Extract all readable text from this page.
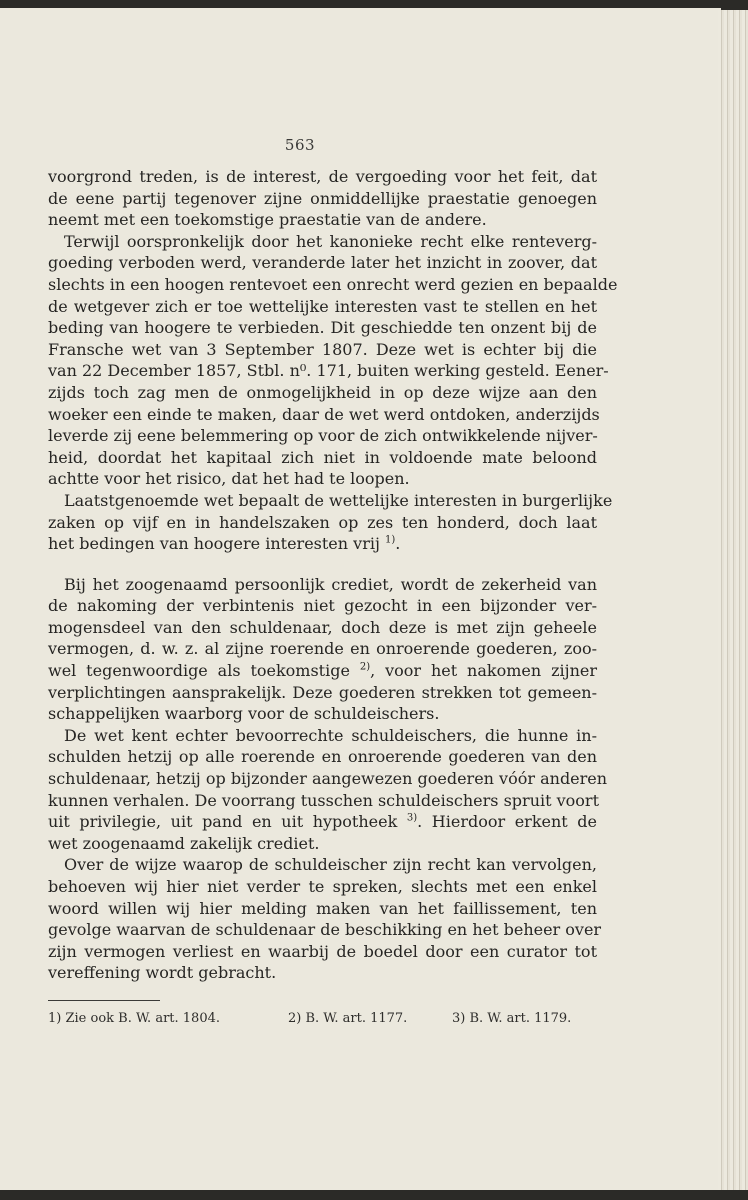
563
voorgrond treden, is de interest, de vergoeding voor het feit, dat
de eene partij tegenover zijne onmiddellijke praestatie genoegen
neemt met een toekomstige praestatie van de andere.
Terwijl oorspronkelijk door het kanonieke recht elke renteverg-
goeding verboden werd, veranderde later het inzicht in zoover, dat
slechts in een hoogen rentevoet een onrecht werd gezien en bepaalde
de wetgever zich er toe wettelijke interesten vast te stellen en het
beding van hoogere te verbieden. Dit geschiedde ten onzent bij de
Fransche wet van 3 September 1807. Deze wet is echter bij die
van 22 December 1857, Stbl. n⁰. 171, buiten werking gesteld. Eener-
zijds toch zag men de onmogelijkheid in op deze wijze aan den
woeker een einde te maken, daar de wet werd ontdoken, anderzijds
leverde zij eene belemmering op voor de zich ontwikkelende nijver-
heid, doordat het kapitaal zich niet in voldoende mate beloond
achtte voor het risico, dat het had te loopen.
Laatstgenoemde wet bepaalt de wettelijke interesten in burgerlijke
zaken op vijf en in handelszaken op zes ten honderd, doch laat
het bedingen van hoogere interesten vrij $^{1)}$.
Bij het zoogenaamd persoonlijk crediet, wordt de zekerheid van
de nakoming der verbintenis niet gezocht in een bijzonder ver-
mogensdeel van den schuldenaar, doch deze is met zijn geheele
vermogen, d. w. z. al zijne roerende en onroerende goederen, zoo-
wel tegenwoordige als toekomstige $^{2)}$, voor het nakomen zijner
verplichtingen aansprakelijk. Deze goederen strekken tot gemeen-
schappelijken waarborg voor de schuldeischers.
De wet kent echter bevoorrechte schuldeischers, die hunne in-
schulden hetzij op alle roerende en onroerende goederen van den
schuldenaar, hetzij op bijzonder aangewezen goederen vóór anderen
kunnen verhalen. De voorrang tusschen schuldeischers spruit voort
uit privilegie, uit pand en uit hypotheek $^{3)}$. Hierdoor erkent de
wet zoogenaamd zakelijk crediet.
Over de wijze waarop de schuldeischer zijn recht kan vervolgen,
behoeven wij hier niet verder te spreken, slechts met een enkel
woord willen wij hier melding maken van het faillissement, ten
gevolge waarvan de schuldenaar de beschikking en het beheer over
zijn vermogen verliest en waarbij de boedel door een curator tot
vereffening wordt gebracht.
1) Zie ook B. W. art. 1804.	2) B. W. art. 1177.	3) B. W. art. 1179.
